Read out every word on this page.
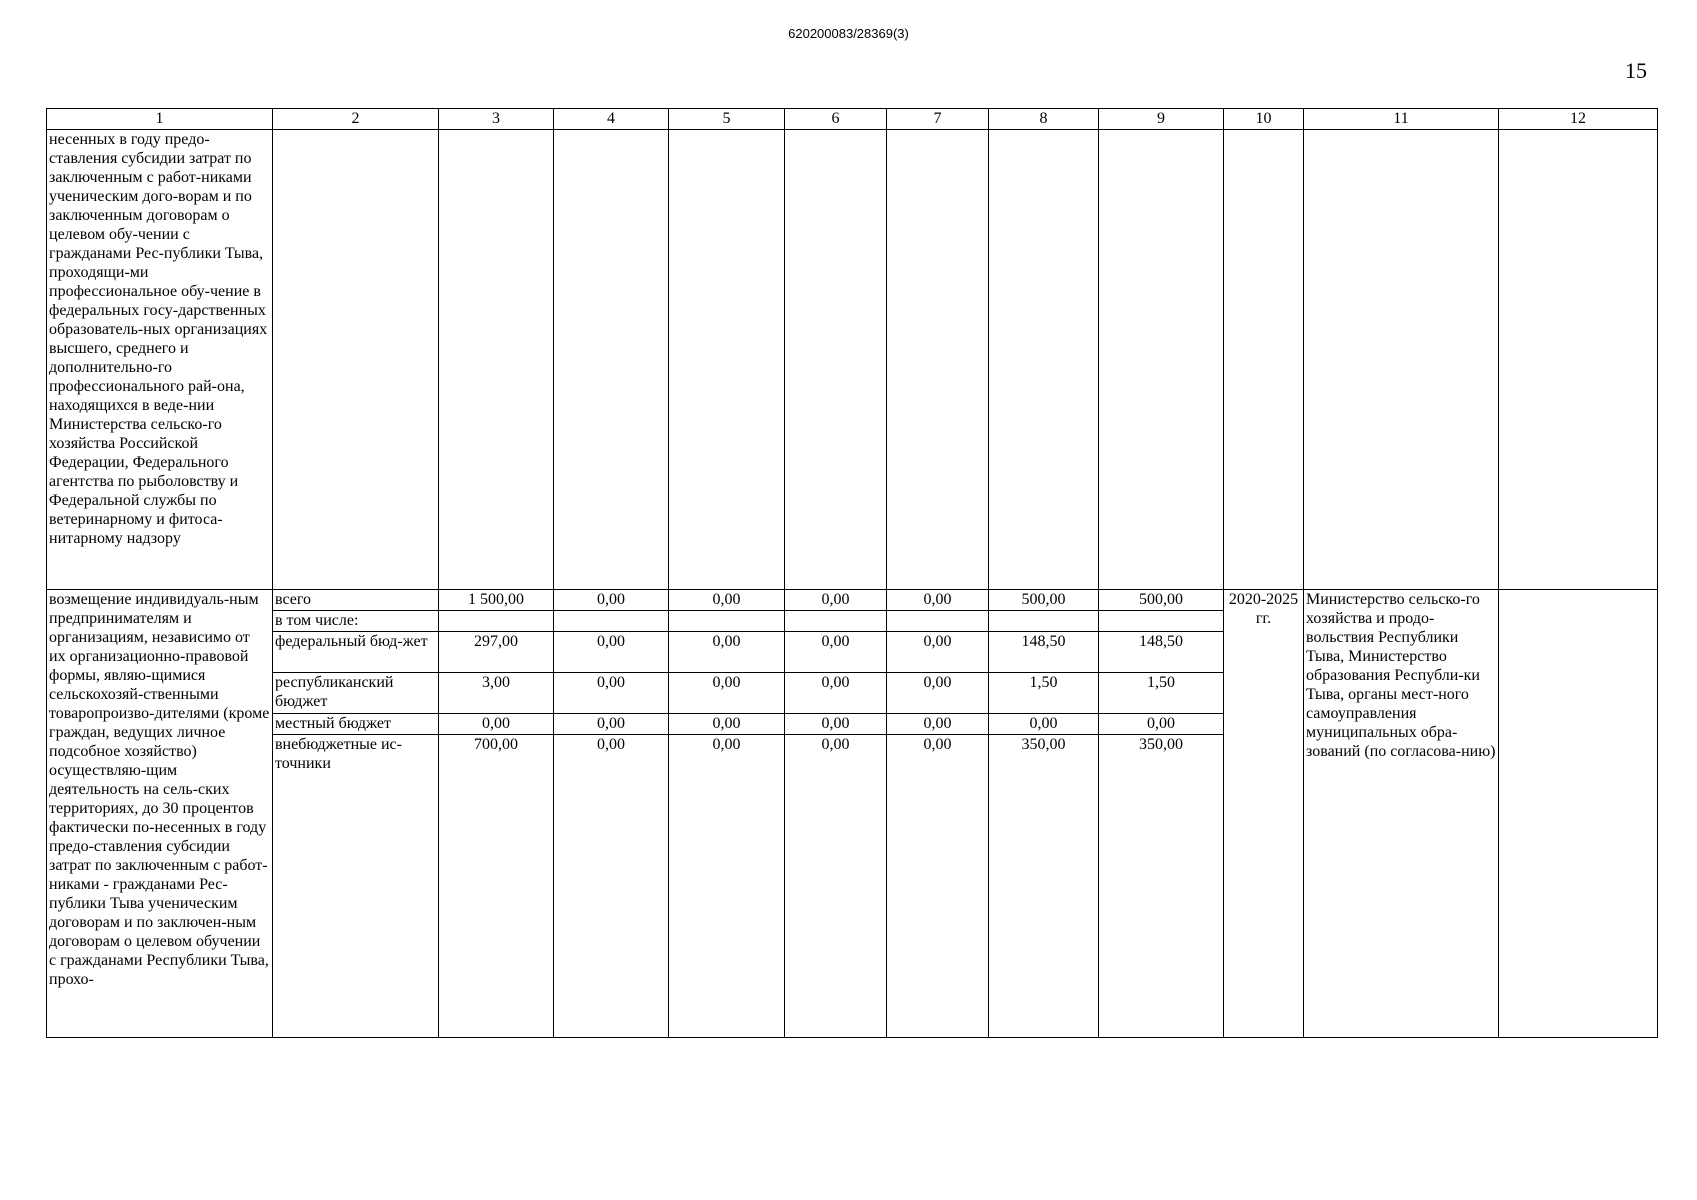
620200083/28369(3)
15
1	2	3	4	5	6	7	8	9	10	11	12
несенных в году предо-ставления субсидии затрат по заключенным с работ-никами ученическим дого-ворам и по заключенным договорам о целевом обу-чении с гражданами Рес-публики Тыва, проходящи-ми профессиональное обу-чение в федеральных госу-дарственных образователь-ных организациях высшего, среднего и дополнительно-го профессионального рай-она, находящихся в веде-нии Министерства сельско-го хозяйства Российской Федерации, Федерального агентства по рыболовству и Федеральной службы по ветеринарному и фитоса-нитарному надзору											
возмещение индивидуаль-ным предпринимателям и организациям, независимо от их организационно-правовой формы, являю-щимися сельскохозяй-ственными товаропроизво-дителями (кроме граждан, ведущих личное подсобное хозяйство) осуществляю-щим деятельность на сель-ских территориях, до 30 процентов фактически по-несенных в году предо-ставления субсидии затрат по заключенным с работ-никами - гражданами Рес-публики Тыва ученическим договорам и по заключен-ным договорам о целевом обучении с гражданами Республики Тыва, прохо-	всего	1 500,00	0,00	0,00	0,00	0,00	500,00	500,00	2020-2025 гг.	Министерство сельско-го хозяйства и продо-вольствия Республики Тыва, Министерство образования Республи-ки Тыва, органы мест-ного самоуправления муниципальных обра-зований (по согласова-нию)	
	в том числе:										
	федеральный бюд-жет	297,00	0,00	0,00	0,00	0,00	148,50	148,50			
	республиканский бюджет	3,00	0,00	0,00	0,00	0,00	1,50	1,50			
	местный бюджет	0,00	0,00	0,00	0,00	0,00	0,00	0,00			
	внебюджетные ис-точники	700,00	0,00	0,00	0,00	0,00	350,00	350,00			
